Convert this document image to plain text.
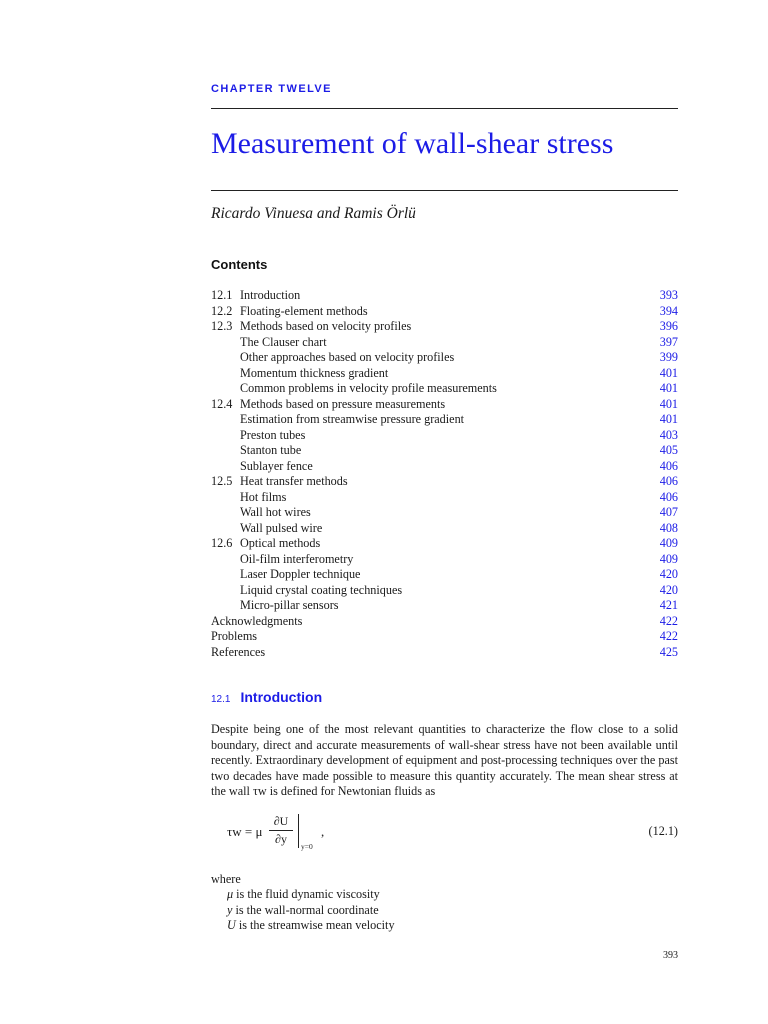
CHAPTER TWELVE
Measurement of wall-shear stress
Ricardo Vinuesa and Ramis Örlü
Contents
12.1 Introduction	393
12.2 Floating-element methods	394
12.3 Methods based on velocity profiles	396
The Clauser chart	397
Other approaches based on velocity profiles	399
Momentum thickness gradient	401
Common problems in velocity profile measurements	401
12.4 Methods based on pressure measurements	401
Estimation from streamwise pressure gradient	401
Preston tubes	403
Stanton tube	405
Sublayer fence	406
12.5 Heat transfer methods	406
Hot films	406
Wall hot wires	407
Wall pulsed wire	408
12.6 Optical methods	409
Oil-film interferometry	409
Laser Doppler technique	420
Liquid crystal coating techniques	420
Micro-pillar sensors	421
Acknowledgments	422
Problems	422
References	425
12.1 Introduction

Despite being one of the most relevant quantities to characterize the flow close to a solid boundary, direct and accurate measurements of wall-shear stress have not been available until recently. Extraordinary development of equipment and post-processing techniques over the past two decades have made possible to measure this quantity accurately. The mean shear stress at the wall τw is defined for Newtonian fluids as

τw = μ
∂U
∂y
y=0
,	(12.1)
where
μ is the fluid dynamic viscosity
y is the wall-normal coordinate
U is the streamwise mean velocity
393
